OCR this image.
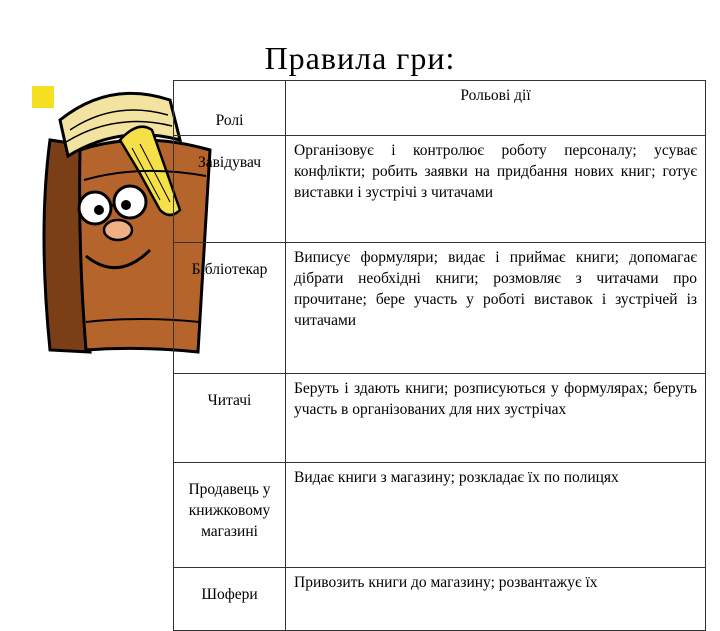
Правила гри:
Ролі	Рольові дії
Завідувач	Організовує і контролює роботу персоналу; усуває конфлікти; робить заявки на придбання нових книг; готує виставки і зустрічі з читачами
Бібліотекар	Виписує формуляри; видає і приймає книги; допомагає дібрати необхідні книги; розмовляє з читачами про прочитане; бере участь у роботі виставок і зустрічей із читачами
Читачі	Беруть і здають книги; розписуються у формулярах; беруть участь в організованих для них зустрічах
Продавець у книжковому магазині	Видає книги з магазину; розкладає їх по полицях
Шофери	Привозить книги до магазину; розвантажує їх
